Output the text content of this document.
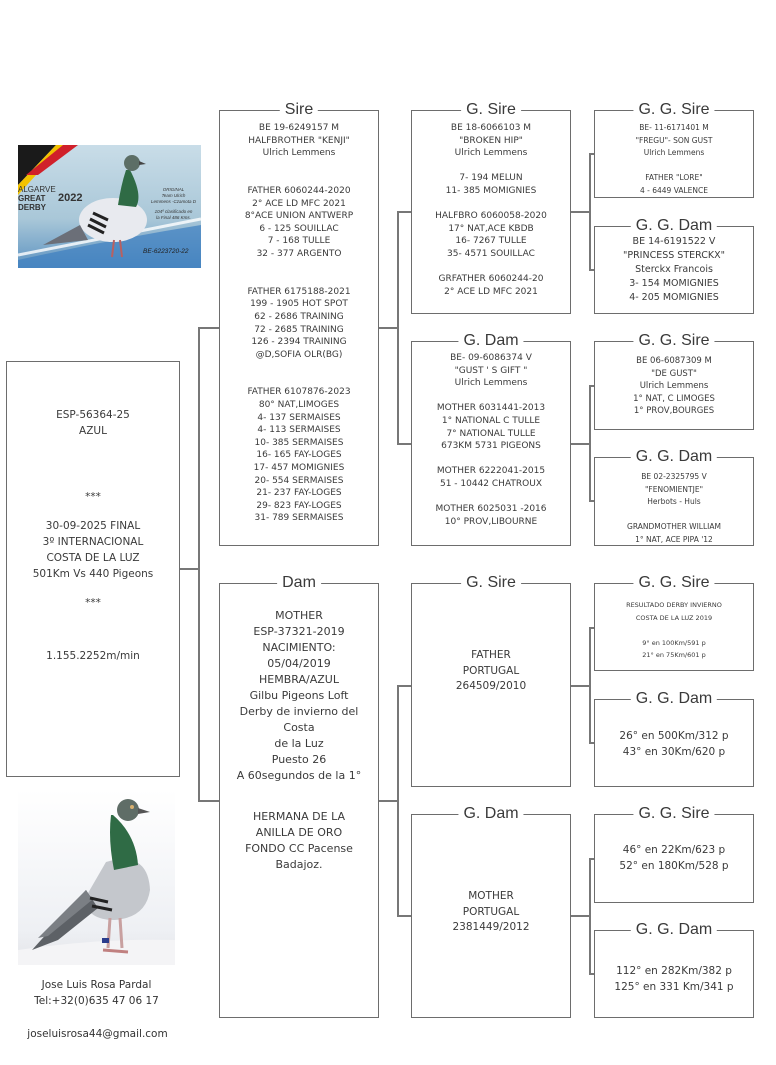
ALGARVE
GREAT
DERBY
2022
ORIGINAL
Team Ulrich
Lemmens -Czamota D
104º clasificado en
la Final 486 Kms.
BE-6223720-22
ESP-56364-25
AZUL
***
30-09-2025 FINAL
3º INTERNACIONAL
COSTA DE LA LUZ
501Km Vs 440 Pigeons
***
1.155.2252m/min
Sire
BE 19-6249157 M
HALFBROTHER "KENJI"
Ulrich Lemmens
FATHER 6060244-2020
2° ACE LD MFC 2021
8°ACE UNION ANTWERP
6 - 125 SOUILLAC
7 - 168 TULLE
32 - 377 ARGENTO
FATHER 6175188-2021
199 - 1905 HOT SPOT
62 - 2686 TRAINING
72 - 2685 TRAINING
126 - 2394 TRAINING
@D,SOFIA OLR(BG)
FATHER 6107876-2023
80° NAT,LIMOGES
4- 137 SERMAISES
4- 113 SERMAISES
10- 385 SERMAISES
16- 165 FAY-LOGES
17- 457 MOMIGNIES
20- 554 SERMAISES
21- 237 FAY-LOGES
29- 823 FAY-LOGES
31- 789 SERMAISES
Dam
MOTHER
ESP-37321-2019
NACIMIENTO:
05/04/2019
HEMBRA/AZUL
Gilbu Pigeons Loft
Derby de invierno del
Costa
de la Luz
Puesto 26
A 60segundos de la 1°
HERMANA DE LA
ANILLA DE ORO
FONDO CC Pacense
Badajoz.
G. Sire
BE 18-6066103 M
"BROKEN HIP"
Ulrich Lemmens
7- 194 MELUN
11- 385 MOMIGNIES
HALFBRO 6060058-2020
17° NAT,ACE KBDB
16- 7267 TULLE
35- 4571 SOUILLAC
GRFATHER 6060244-20
2° ACE LD MFC 2021
G. Dam
BE- 09-6086374 V
"GUST ' S GIFT "
Ulrich Lemmens
MOTHER 6031441-2013
1° NATIONAL C TULLE
7° NATIONAL TULLE
673KM 5731 PIGEONS
MOTHER 6222041-2015
51 - 10442 CHATROUX
MOTHER 6025031 -2016
10° PROV,LIBOURNE
G. Sire
FATHER
PORTUGAL
264509/2010
G. Dam
MOTHER
PORTUGAL
2381449/2012
G. G. Sire
BE- 11-6171401 M
"FREGU"- SON GUST
Ulrich Lemmens
FATHER "LORE"
4 - 6449 VALENCE
G. G. Dam
BE 14-6191522 V
"PRINCESS STERCKX"
Sterckx Francois
3- 154 MOMIGNIES
4- 205 MOMIGNIES
G. G. Sire
BE 06-6087309 M
"DE GUST"
Ulrich Lemmens
1° NAT, C LIMOGES
1° PROV,BOURGES
G. G. Dam
BE 02-2325795 V
"FENOMIENTJE"
Herbots - Huls
GRANDMOTHER WILLIAM
1° NAT, ACE PIPA '12
G. G. Sire
RESULTADO DERBY INVIERNO
COSTA DE LA LUZ 2019
9° en 100Km/591 p
21° en 75Km/601 p
G. G. Dam
26° en 500Km/312 p
43° en 30Km/620 p
G. G. Sire
46° en 22Km/623 p
52° en 180Km/528 p
G. G. Dam
112° en 282Km/382 p
125° en 331 Km/341 p
Jose Luis Rosa Pardal
Tel:+32(0)635 47 06 17
joseluisrosa44@gmail.com
